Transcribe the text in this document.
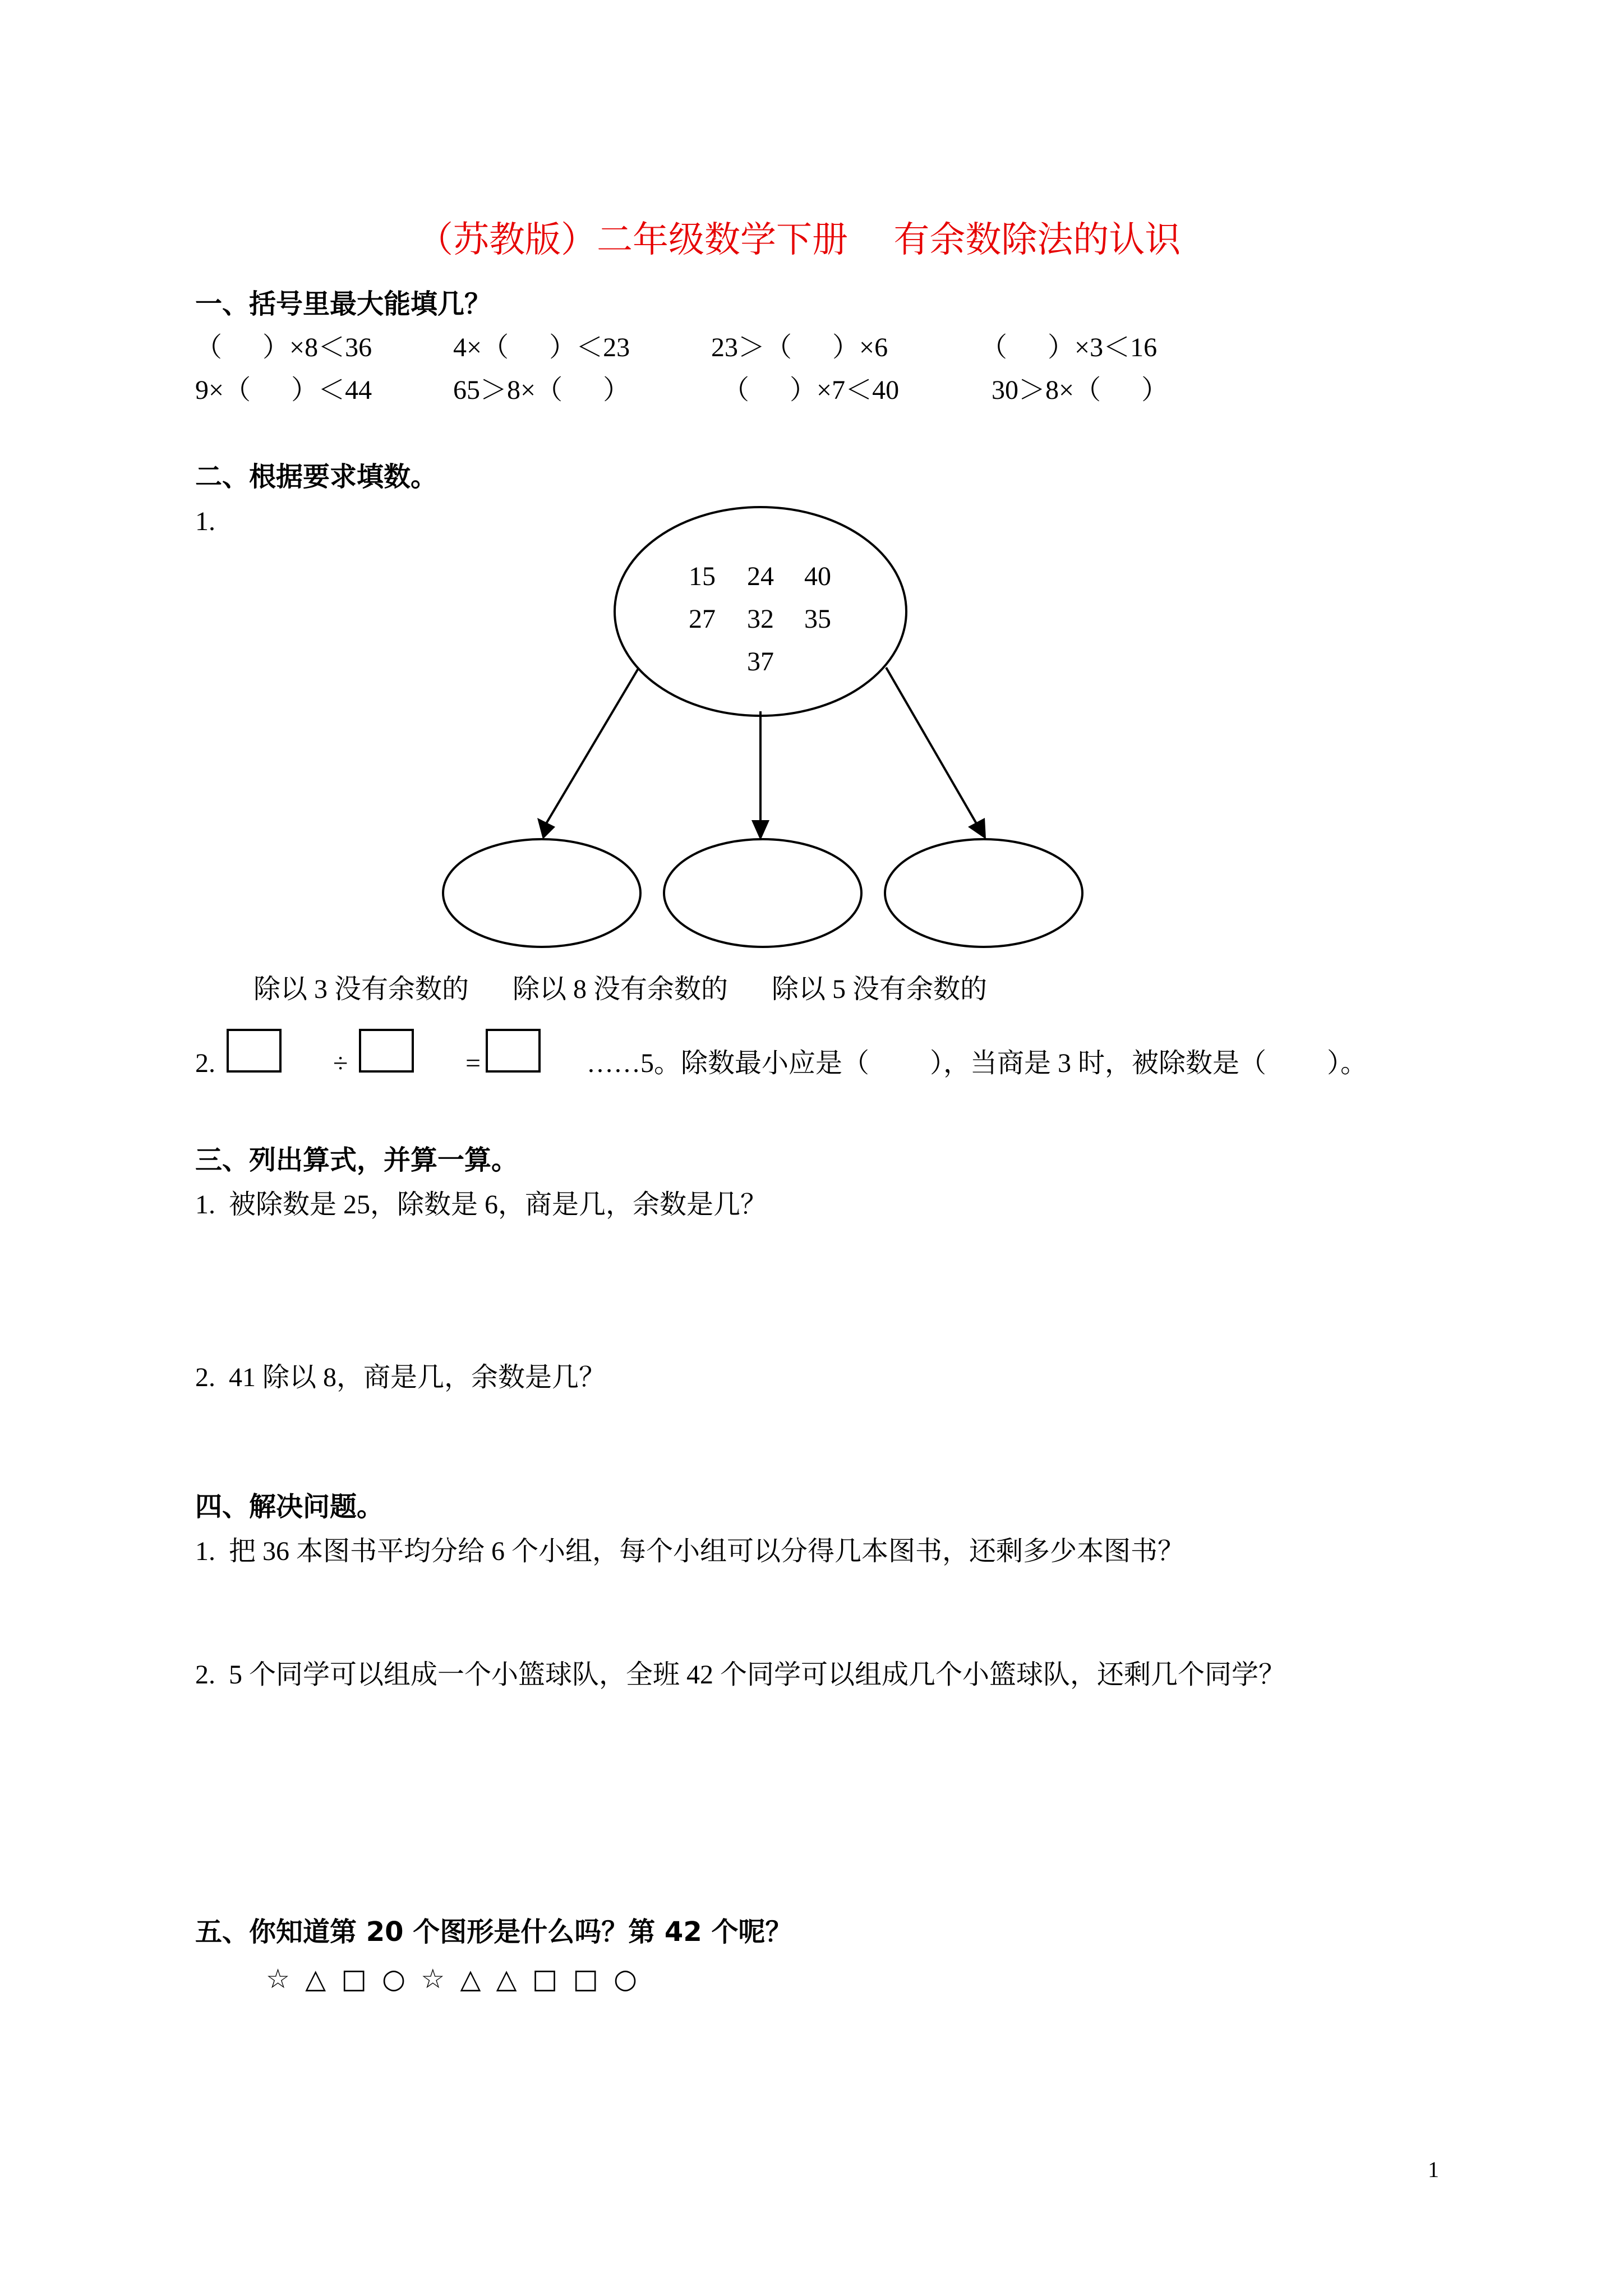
（苏教版）二年级数学下册    有余数除法的认识
一、括号里最大能填几？
（      ）×8＜36	4×（      ）＜23	23＞（      ）×6	（      ）×3＜16
9×（      ）＜44	65＞8×（      ）	（      ）×7＜40	30＞8×（      ）
二、根据要求填数。
1.
15 24 40
27 32 35
37
除以 3 没有余数的 除以 8 没有余数的 除以 5 没有余数的
2.	÷	=	……5。除数最小应是（         ），当商是 3 时，被除数是（         ）。
三、列出算式，并算一算。
1.  被除数是 25，除数是 6，商是几，余数是几？
2.  41 除以 8，商是几，余数是几？
四、解决问题。
1.  把 36 本图书平均分给 6 个小组，每个小组可以分得几本图书，还剩多少本图书？
2.  5 个同学可以组成一个小篮球队，全班 42 个同学可以组成几个小篮球队，还剩几个同学？
五、你知道第 20 个图形是什么吗？第 42 个呢？
☆ △ □ ○ ☆ △ △ □ □ ○
1
